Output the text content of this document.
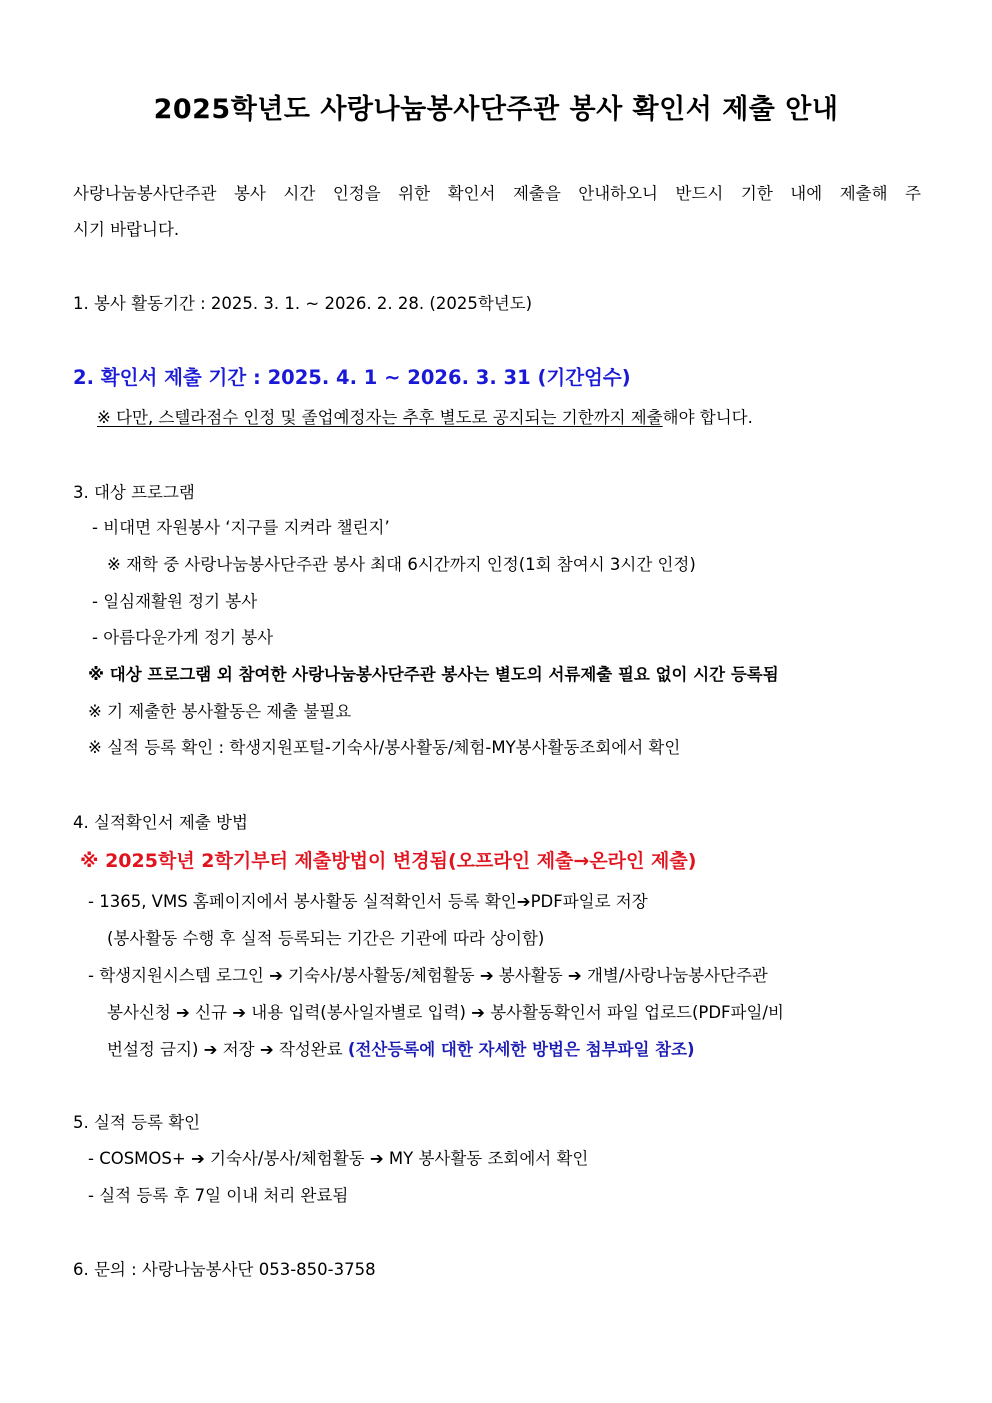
2025학년도 사랑나눔봉사단주관 봉사 확인서 제출 안내
사랑나눔봉사단주관 봉사 시간 인정을 위한 확인서 제출을 안내하오니 반드시 기한 내에 제출해 주
시기 바랍니다.
1. 봉사 활동기간 : 2025. 3. 1. ~ 2026. 2. 28. (2025학년도)
2. 확인서 제출 기간 : 2025. 4. 1 ~ 2026. 3. 31 (기간엄수)
※ 다만, 스텔라점수 인정 및 졸업예정자는 추후 별도로 공지되는 기한까지 제출해야 합니다.
3. 대상 프로그램
- 비대면 자원봉사 ‘지구를 지켜라 챌린지’
※ 재학 중 사랑나눔봉사단주관 봉사 최대 6시간까지 인정(1회 참여시 3시간 인정)
- 일심재활원 정기 봉사
- 아름다운가게 정기 봉사
※ 대상 프로그램 외 참여한 사랑나눔봉사단주관 봉사는 별도의 서류제출 필요 없이 시간 등록됨
※ 기 제출한 봉사활동은 제출 불필요
※ 실적 등록 확인 : 학생지원포털-기숙사/봉사활동/체험-MY봉사활동조회에서 확인
4. 실적확인서 제출 방법
※ 2025학년 2학기부터 제출방법이 변경됨(오프라인 제출→온라인 제출)
- 1365, VMS 홈페이지에서 봉사활동 실적확인서 등록 확인➔PDF파일로 저장
(봉사활동 수행 후 실적 등록되는 기간은 기관에 따라 상이함)
- 학생지원시스템 로그인 ➔ 기숙사/봉사활동/체험활동 ➔ 봉사활동 ➔ 개별/사랑나눔봉사단주관
봉사신청 ➔ 신규 ➔ 내용 입력(봉사일자별로 입력) ➔ 봉사활동확인서 파일 업로드(PDF파일/비
번설정 금지) ➔ 저장 ➔ 작성완료 (전산등록에 대한 자세한 방법은 첨부파일 참조)
5. 실적 등록 확인
- COSMOS+ ➔ 기숙사/봉사/체험활동 ➔ MY 봉사활동 조회에서 확인
- 실적 등록 후 7일 이내 처리 완료됨
6. 문의 : 사랑나눔봉사단 053-850-3758
